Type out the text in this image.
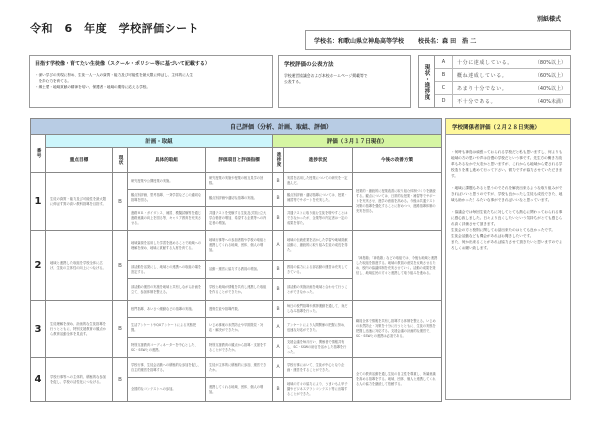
令和　6　年度　学校評価シート
別紙様式
学校名：和歌山県立神島高等学校 校長名：森 田　浩 二
目指す学校像・育てたい生徒像（スクール・ポリシー等に基づいて記載する）
・深い学びの実現に努め、生徒一人一人の資質・能力及び可能性を最大限に伸ばし、主体的に人生
　を歩む力を育てる。
・郷土愛・地域貢献の精神を培い、保護者・地域の期待に応える学校。
学校評価の公表方法
学校運営協議会および本校ホームページ掲載等で
公表する。	現状・進捗度
A	十分に達成している。	（80%以上）
B	概ね達成している。	（60%以上）
C	あまり十分でない。	（40%以上）
D	不十分である。	（40%未満）
自己評価（分析、計画、取組、評価）							

番号	計画・取組				評価（３月１７日現在）		
	重点目標	現状	具体的取組	評価項目と評価指標	進捗度	進捗状況	今後の改善方策
1	生徒の資質・能力及び可能性を最大限に伸ばす質の高い教科指導を目指す。	B	研究授業や公開授業の実施。	研究授業の実施や授業の相互見学の回数。	B	実習を活用した授業についての研究を一定進んだ。	授業的・継続的に授業改善に取り組む体制づくりを継続する。観点については、日常的な授業・補習等でサポートを充実させ、進学の意欲を高める。今後は共通テスト対策の指導を強化することに努めつつ、進路指導体制の充実を図る。
			観点別評価、思考指導、一斉学習などこの適切な指導を図る。	観点別評価や適切な指導の実施。	B	観点別評価・適切指導については、授業・補習等でサポートを充実した。	
			進路ＨＲ・ガイダンス、補習、模擬試験等を通じ進路意識の向上を図る等、キャリア教育を充実させる。	共通テストを受験する生徒及び国公立大学合格者の増加、希望する企業等への内定者の増加。	B	共通テストに取り組む生徒を増やすことはできなかったが、企業等の内定者は一定の成果を得た。	
2	地域と連携した取組を学校全体に広げ、生徒の主体性の向上につなげる。	B	地域資源を活用した学習を進めることで地域への理解を深め、地域に貢献する人材を育てる。	地域行事等への参加者数や学校の取組と連携してくれる地域、団体、個人の増加。	A	地域の伝統産業を活かした学習や地域貢献活動に、継続的に取り組み生徒の成長を得た。	「神島塾」「神島塾」などの取組では、今後も地域と連携した取組を推進する。地域の教員の意見を反映させるため、校内の協議体制を充実させていく。活動の成果を発信し、地域住民の方々と連携して取り組みを進める。
			部活動を活発にし、地域との連携への取組の場を設定する。	活動・運営に協力する教員の増加。	B	教員の協力による部活動の運営は充実してきている。	
			部活動の運営の実施を地域と共有しながら計画を立て、参加体制を整える。	学校と地域が情報を共有し連携した取組を作ることができたか。	B	部活動の実施計画を地域と合わせて行うことができなかった。	
3	生徒理解を深め、計画的な生徒指導を行うとともに、特別支援教育の観点から教育活動全体を見直す。	B	校門指導、あいさつ運動などの指導の実施。	遅刻生徒や指導件数。	B	毎日の校門指導や挨拶運動を通して、身だしなみ指導を行った。	職員全体で情報を共有し指導する体制を整える。いじめの未然防止・対策を十分に行うとともに、生徒の実態を把握し迅速に対応する。支援会議の計画的な運営で、SC・SSWとの連携は必須である。
			生活アンケートやQUアンケートによる実態把握。	いじめ事案の未然防止や早期発見・対応・解決ができたか。	A	アンケートにより人間関係の把握に努め、迅速な対応ができた。	
			特別支援教育コーディネーターを中心とした、SC・SSWとの連携。	特別支援教育の観点から指導・支援をすることができたか。	A	支援会議を毎月行い、関係者で情報共有し、SC・SSWの助言を活かした指導を行った。	
4	学校行事等への主体的、積極的な参加を促し、学校の活性化につなげる。	B	学校行事、生徒会活動への積極的な参加を促し、自主的運営を指導する。	生徒が主体的に積極的に参加、運営できたか。	A	学校行事において、生徒が中心となり企画・運営をすることができた。	全ての教育活動を通し生徒の自主性を尊重し、所属意識を高める指導をする。地域、団体、個人と連携してくれる人の協力を継続して依頼する。
			全国的なコンテストへの参加。	連携してくれる地域、団体、個人の増加。	B	地域の方々の協力により、うまいもん甲子園やビジネスプランコンテスト等に出場することができた。	
学校関係者評価（２月２８日実施）

・何時も神島は頑張っておられる学校だと私も思いますし、何よりも地域の方の思いや声は自慢の学校だという事です。先生方の働き方改革もあるなかで大変かと思いますが、これからも地域から愛される学校造りを推し進めて行って下さい。微力ですが協力させていただきます。

・地域に課題もあると思うのでそれを解決出来るような取り組みができればいいと思うのですが、学校も良かったし生徒も成長できた、地域も助かった！みたいな事ができればいいなと思っています。

・協議会では毎回生徒たちに対してとても熱心に関わっておられる事に感心致しました。日々より良くしたいという気持ちがとても感じられ高く評価させて頂きます。

生徒会の方と校則に関してお話出来たのはとても良かったです。

生徒会活動なども機会があればお聞きしたいです。

また、何か出来ることがあれば協力させて頂きたいと思いますのでよろしくお願い致します。
